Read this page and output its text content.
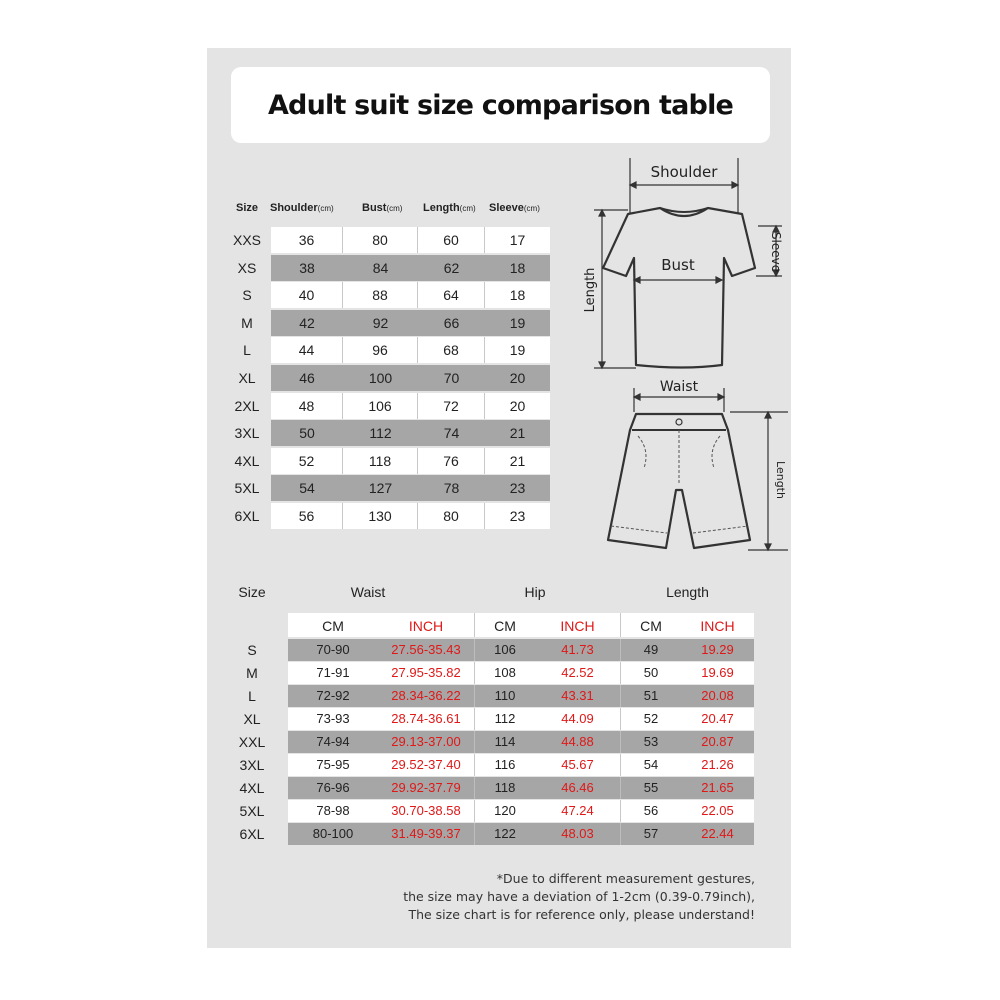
Adult suit size comparison table
Size Shoulder(cm)	Bust(cm) Length(cm) Sleeve(cm)
XXS	36	80	60	17
XS	38	84	62	18
S	40	88	64	18
M	42	92	66	19
L	44	96	68	19
XL	46	100	70	20
2XL	48	106	72	20
3XL	50	112	74	21
4XL	52	118	76	21
5XL	54	127	78	23
6XL	56	130	80	23
Shoulder
Bust
Length
Sleeve
Waist
Length
Size	Waist	Hip	Length
CM	INCH	CM	INCH	CM	INCH
S	70-90	27.56-35.43	106	41.73	49	19.29
M	71-91	27.95-35.82	108	42.52	50	19.69
L	72-92	28.34-36.22	110	43.31	51	20.08
XL	73-93	28.74-36.61	112	44.09	52	20.47
XXL	74-94	29.13-37.00	114	44.88	53	20.87
3XL	75-95	29.52-37.40	116	45.67	54	21.26
4XL	76-96	29.92-37.79	118	46.46	55	21.65
5XL	78-98	30.70-38.58	120	47.24	56	22.05
6XL	80-100	31.49-39.37	122	48.03	57	22.44
*Due to different measurement gestures,
the size may have a deviation of 1-2cm (0.39-0.79inch),
The size chart is for reference only, please understand!
